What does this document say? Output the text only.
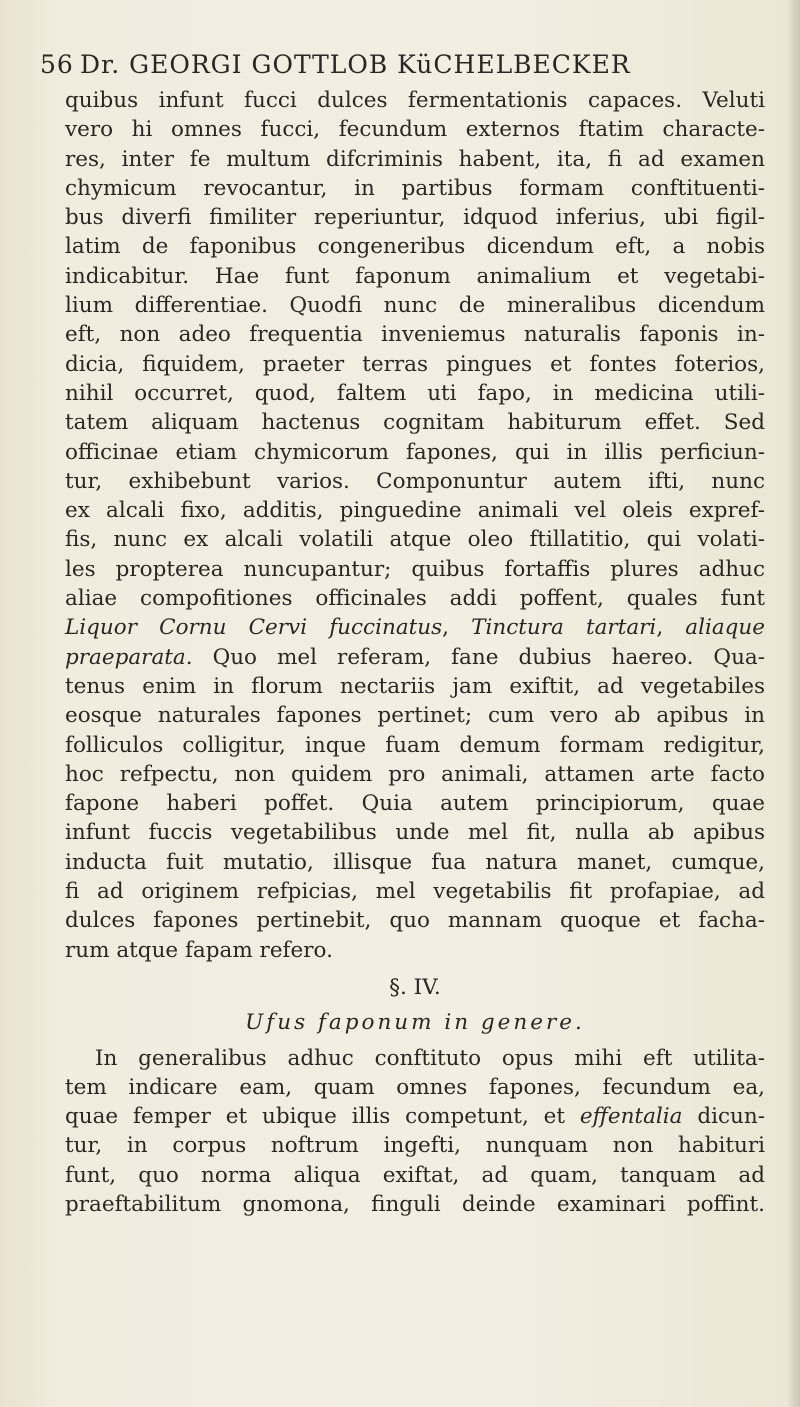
56 Dr. GEORGI GOTTLOB KüCHELBECKER
quibus infunt fucci dulces fermentationis capaces. Veluti
vero hi omnes fucci, fecundum externos ftatim characte-
res, inter fe multum difcriminis habent, ita, fi ad examen
chymicum revocantur, in partibus formam conftituenti-
bus diverfi fimiliter reperiuntur, idquod inferius, ubi figil-
latim de faponibus congeneribus dicendum eft, a nobis
indicabitur. Hae funt faponum animalium et vegetabi-
lium differentiae. Quodfi nunc de mineralibus dicendum
eft, non adeo frequentia inveniemus naturalis faponis in-
dicia, fiquidem, praeter terras pingues et fontes foterios,
nihil occurret, quod, faltem uti fapo, in medicina utili-
tatem aliquam hactenus cognitam habiturum effet. Sed
officinae etiam chymicorum fapones, qui in illis perficiun-
tur, exhibebunt varios. Componuntur autem ifti, nunc
ex alcali fixo, additis, pinguedine animali vel oleis expref-
fis, nunc ex alcali volatili atque oleo ftillatitio, qui volati-
les propterea nuncupantur; quibus fortaffis plures adhuc
aliae compofitiones officinales addi poffent, quales funt
Liquor Cornu Cervi fuccinatus, Tinctura tartari, aliaque
praeparata. Quo mel referam, fane dubius haereo. Qua-
tenus enim in florum nectariis jam exiftit, ad vegetabiles
eosque naturales fapones pertinet; cum vero ab apibus in
folliculos colligitur, inque fuam demum formam redigitur,
hoc refpectu, non quidem pro animali, attamen arte facto
fapone haberi poffet. Quia autem principiorum, quae
infunt fuccis vegetabilibus unde mel fit, nulla ab apibus
inducta fuit mutatio, illisque fua natura manet, cumque,
fi ad originem refpicias, mel vegetabilis fit profapiae, ad
dulces fapones pertinebit, quo mannam quoque et facha-
rum atque fapam refero.
§. IV.
Ufus faponum in genere.
In generalibus adhuc conftituto opus mihi eft utilita-
tem indicare eam, quam omnes fapones, fecundum ea,
quae femper et ubique illis competunt, et effentalia dicun-
tur, in corpus noftrum ingefti, nunquam non habituri
funt, quo norma aliqua exiftat, ad quam, tanquam ad
praeftabilitum gnomona, finguli deinde examinari poffint.
